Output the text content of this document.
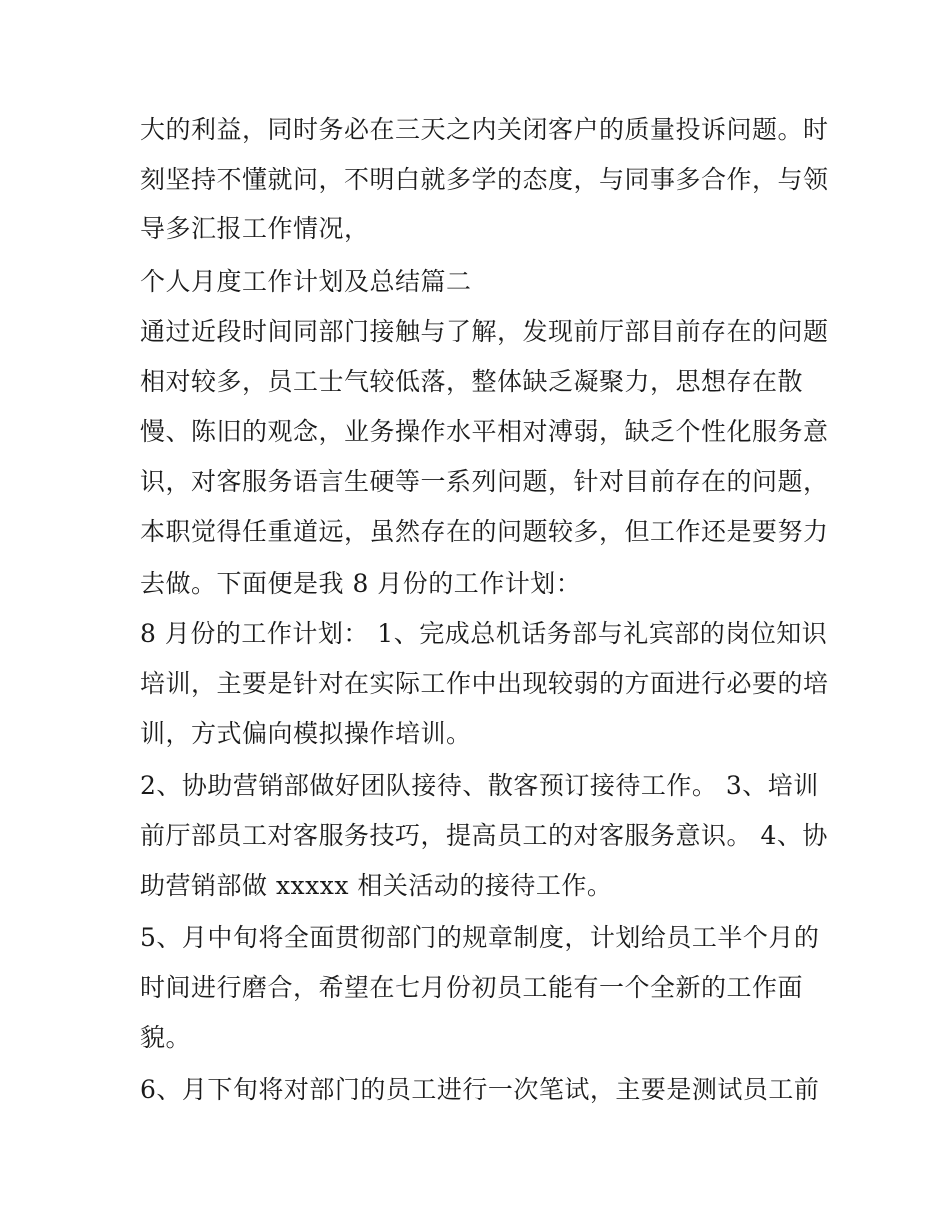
大的利益，同时务必在三天之内关闭客户的质量投诉问题。时
刻坚持不懂就问，不明白就多学的态度，与同事多合作，与领
导多汇报工作情况，
个人月度工作计划及总结篇二
通过近段时间同部门接触与了解，发现前厅部目前存在的问题
相对较多，员工士气较低落，整体缺乏凝聚力，思想存在散
慢、陈旧的观念，业务操作水平相对溥弱，缺乏个性化服务意
识，对客服务语言生硬等一系列问题，针对目前存在的问题，
本职觉得任重道远，虽然存在的问题较多，但工作还是要努力
去做。下面便是我 8 月份的工作计划：
8 月份的工作计划： 1、完成总机话务部与礼宾部的岗位知识
培训，主要是针对在实际工作中出现较弱的方面进行必要的培
训，方式偏向模拟操作培训。
2、协助营销部做好团队接待、散客预订接待工作。 3、培训
前厅部员工对客服务技巧，提高员工的对客服务意识。 4、协
助营销部做 xxxxx 相关活动的接待工作。
5、月中旬将全面贯彻部门的规章制度，计划给员工半个月的
时间进行磨合，希望在七月份初员工能有一个全新的工作面
貌。
6、月下旬将对部门的员工进行一次笔试，主要是测试员工前
